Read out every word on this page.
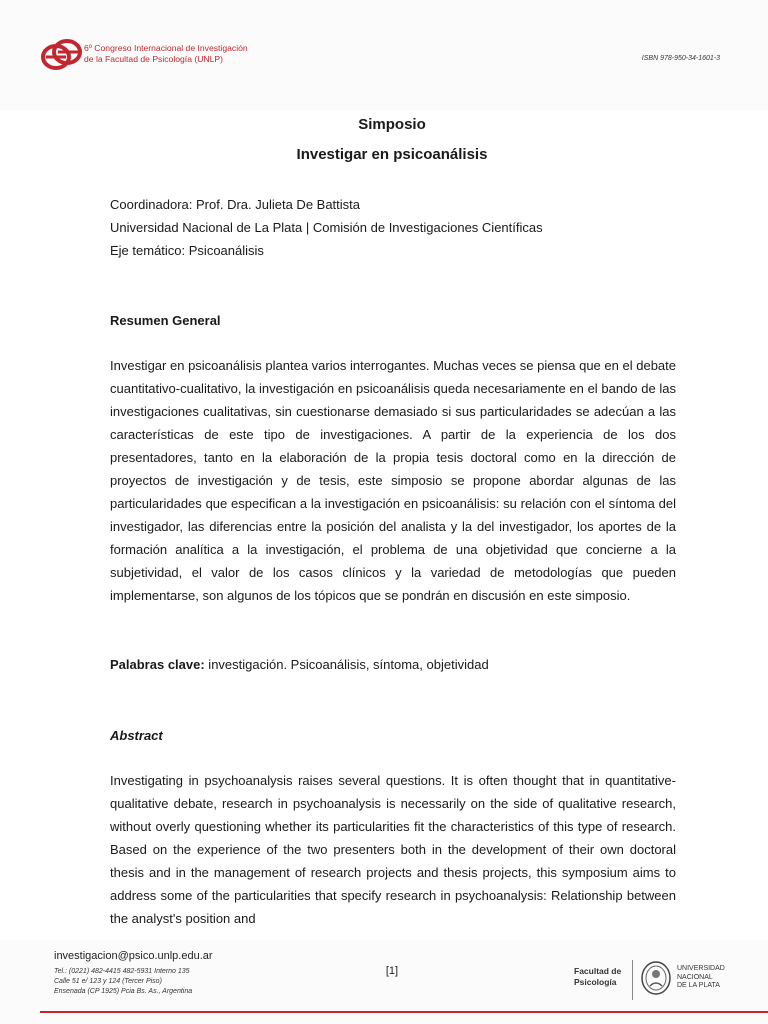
6º Congreso Internacional de Investigación
de la Facultad de Psicología (UNLP)	ISBN 978-950-34-1601-3
Simposio
Investigar en psicoanálisis
Coordinadora: Prof. Dra. Julieta De Battista
Universidad Nacional de La Plata | Comisión de Investigaciones Científicas
Eje temático: Psicoanálisis
Resumen General

Investigar en psicoanálisis plantea varios interrogantes. Muchas veces se piensa que en el debate cuantitativo-cualitativo, la investigación en psicoanálisis queda necesariamente en el bando de las investigaciones cualitativas, sin cuestionarse demasiado si sus particularidades se adecúan a las características de este tipo de investigaciones. A partir de la experiencia de los dos presentadores, tanto en la elaboración de la propia tesis doctoral como en la dirección de proyectos de investigación y de tesis, este simposio se propone abordar algunas de las particularidades que especifican a la investigación en psicoanálisis: su relación con el síntoma del investigador, las diferencias entre la posición del analista y la del investigador, los aportes de la formación analítica a la investigación, el problema de una objetividad que concierne a la subjetividad, el valor de los casos clínicos y la variedad de metodologías que pueden implementarse, son algunos de los tópicos que se pondrán en discusión en este simposio.

Palabras clave: investigación. Psicoanálisis, síntoma, objetividad
Abstract

Investigating in psychoanalysis raises several questions. It is often thought that in quantitative-qualitative debate, research in psychoanalysis is necessarily on the side of qualitative research, without overly questioning whether its particularities fit the characteristics of this type of research. Based on the experience of the two presenters both in the development of their own doctoral thesis and in the management of research projects and thesis projects, this symposium aims to address some of the particularities that specify research in psychoanalysis: Relationship between the analyst's position and

investigacion@psico.unlp.edu.ar
Tel.: (0221) 482-4415 482-5931 Interno 135
Calle 51 e/ 123 y 124 (Tercer Piso)
Ensenada (CP 1925) Pcia Bs. As., Argentina
[1]	Facultad de
Psicología
UNIVERSIDAD
NACIONAL
DE LA PLATA
